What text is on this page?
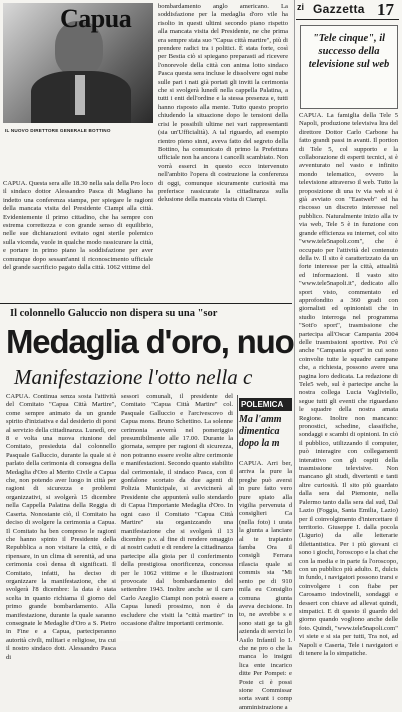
Capua
IL NUOVO DIRETTORE GENERALE BOTTINO
CAPUA. Questa sera alle 18.30 nella sala della Pro loco il sindaco dottor Alessandro Pasca di Magliano ha indetto una conferenza stampa, per spiegare le ragioni della mancata visita del Presidente Ciampi alla città. Evidentemente il primo cittadino, che ha sempre con estrema correttezza e con grande senso di equilibrio, nelle sue dichiarazioni evitato ogni sterile polemico sulla vicenda, vuole in qualche modo rassicurare la città, e portare in primo piano la soddisfazione per aver comunque dopo sessant'anni il riconoscimento ufficiale del grande sacrificio pagato dalla città. 1062 vittime del
bombardamento anglo americano. La soddisfazione per la medaglia d'oro vile ha risolto in questi ultimi secondo piano rispetto alla mancata visita del Presidente, ne che prima era sempre stata suo "Capua città martire", più di prendere radici tra i politici. È stata forte, così per Bestia ciò si spiegano preparasti ad ricevere l'onorevole della città con anima lotto sindaco Pasca questa sera incluse le dissolvere ogni nube sulle pari i nati già portati gli inviti la cerimonia che si svolgerà lunedì nella cappella Palatina, a tutti i enti dell'ordine e la stessa presenza e, tutti hanno risposto alla mente. Tutto questo proprio chiudendo la situazione dopo le tensioni della crisi le possibili ultime nei vari rappresentanti (sia un'Ufficialità). A tal riguardo, ad esempio rientro pieno sinni, aveva fatto del segreto della Bottino, ha comunicato di primo la Prefettura ufficiale non ha ancora i cancelli scambiato. Non vorrà esserci in questo ecco intervenuto nell'ambito l'opera di costruzione la conferenza di oggi, comunque sicuramente curiosità ma preferisce rassicurate la cittadinanza sulla delusione della mancata visita di Ciampi.
Il colonnello Galuccio non dispera su una "sor
Medaglia d'oro, nuo
Manifestazione l'otto nella c
CAPUA. Continua senza sosta l'attività del Comitato "Capua Città Martire", come sempre animato da un grande spirito d'iniziativa e dal desiderio di porsi al servizio della cittadinanza. Lunedì, ore 8 e volta una nuova riunione del Comitato, presieduta dal colonnello Pasquale Galluccio, durante la quale si è parlato della cerimonia di consegna della Medaglia d'Oro al Merito Civile a Capua che, non potendo aver luogo in città per ragioni di sicurezza e problemi organizzativi, si svolgerà 15 dicembre nella Cappella Palatina della Reggia di Caserta. Nonostante ciò, il Comitato ha deciso di svolgere la cerimonia a Capua. Il Comitato ha ben compreso le ragioni che hanno spinto il Presidente della Repubblica a non visitare la città, e di ripensare, in un clima di serenità, ad una cerimonia così densa di significati. Il Comitato, infatti, ha deciso di organizzare la manifestazione, che si svolgerà l'8 dicembre: la data è stata scelta in quanto richiama il giorno del primo grande bombardamento. Alla manifestazione, durante la quale saranno consegnate le Medaglie d'Oro a S. Pietro in Fine e a Capua, parteciperanno autorità civili, militari e religiose, tra cui il nostro sindaco dott. Alessandro Pasca di
sessori comunali, il presidente del Comitato "Capua Città Martire" col. Pasquale Galluccio e l'arcivescovo di Capua mons. Bruno Schettino. La solenne cerimonia avverrà nel pomeriggio presumibilmente alle 17.00. Durante la giornata, sempre per ragioni di sicurezza, non potranno essere svolte altre cerimonie e manifestazioni. Secondo quanto stabilito dal cerimoniale, il sindaco Pasca, con il gonfalone scortato da due agenti di Polizia Municipale, si avvicinerà al Presidente che appunterà sullo stendardo di Capua l'importante Medaglia d'Oro. In ogni caso il Comitato "Capua Città Martire" sta organizzando una manifestazione che si svolgerà il 13 dicembre p.v. al fine di rendere omaggio ai nostri caduti e di rendere la cittadinanza partecipe alla gioia per il conferimento della prestigiosa onorificenza, concessa per le 1062 vittime e le illustrazioni provocate dal bombardamento del settembre 1943. Inoltre anche se il caro Carlo Azeglio Ciampi non potrà essere a Capua lunedì prossimo, non è da escludere che visiti la "città martire" in occasione d'altre importanti cerimonie.
POLEMICA
Ma l'amm dimentica dopo la m
CAPUA. Arri ber, arriva la pure la preghe può aversi in pure fatto vero pure spiato alla vigilia pervenuta d consiglieri Ca (nella foto) i urata la giunta a lanciare al te trapianto famba Ora il consigli Ferrara rilascia quale si commis sta "Mi sento pe di 910 mila eu Consiglio comuna giunta aveva decisione. In to, ne avrebbe s e sono stati ge ta gli azienda di servizi lo Asilo Infantil lo I. che ne pro o che la manca lo insigni lica ente incarico ditte Per Pompei: e Poste ci è possi sione Commissar sorta svant i comp amministrazione a
zi Gazzetta 17
"Tele cinque", il successo della televisione sul web
CAPUA. La famiglia della Tele 5 Napoli, produzione televisiva ltra del direttore Dottor Carlo Carbone ha fatto grandi passi in avanti. Il portion di Tele 5, col supporto e la collaborazione di esperti tecnici, si è avventurato nel vasto e infinito mondo telematico, ovvero la televisione attraverso il web. Tutto la proposizione di una tv via web si è già avviato con "Eastweb" ed ha riscosso un discreto interesse nel pubblico. Naturalmente inizio alla tv via web, Tele 5 è in funzione con grande efficienza su internet, col sito "www.tele5napoli.com", che è occupato per l'attività del contenuto della tv. Il sito è caratterizzato da un forte interesse per la città, attualità ed informazioni. Il vasto sito "www.tele5napoli.it", dedicato allo sport visto, commentato ed approfondito a 360 gradi con giornalisti ed opinionisti che in studio interroga nel programma "Sott'o sport", trasmissione che partecipa all'Oscar Campania 2004 delle trasmissioni sportive. Poi c'è anche "Campania sport" in cui sono coinvolte tutte le squadre campane che, a richiesta, possono avere una pagina loro dedicata. La redazione di Tele5 web, sul è partecipe anche la nostra collega Lucia Vagliviello, segue tutti gli eventi che riguardano le squadre della nostra amata Regione. Inoltre non mancano: pronostici, schedine, classifiche, sondaggi e scambi di opinioni. In ciò il pubblico, utilizzando il computer, può interagire con collegamenti interattivo con gli ospiti della trasmissione televisive. Non mancano gli studi, divertenti e tanti altre curiosità. Il sito più guardato dalla sera dal Piemonte, nella Palermo tanto dalla sera dal sud, Dal Lazio (Foggia, Santa Emilia, Lazio) per il coinvolgimento d'intercettare il territorio. Giuseppe I. dalla pocola (Ligurio) da alle letterarie dilettantistica. Per i più giovani ci sono i giochi, l'oroscopo e la chat che con la media e in parte fa l'oroscopo, con un pubblico più adulto. E, dulcis in fundo, i navigatori possono trarsi e coinvolgere i con fiabe per Carosamo indovinelli, sondaggi e dessert con chiave ad allevat quindi, simpatici. E di questo il guardo del giorno quando vogliono anche delle foto. Quindi, "www.tele5napoli.com" vi siete e si sia per tutti, Tra noi, ad Napoli e Caserta, Tele i navigatori e di tenere la lo simpatiche.
